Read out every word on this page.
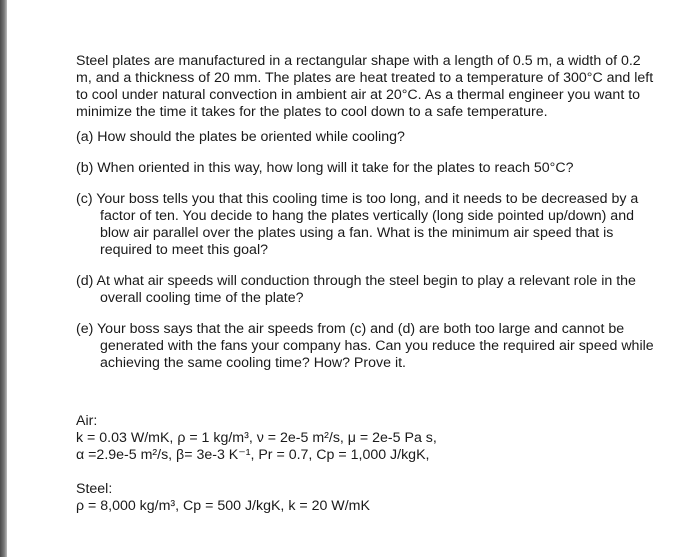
Steel plates are manufactured in a rectangular shape with a length of 0.5 m, a width of 0.2 m, and a thickness of 20 mm. The plates are heat treated to a temperature of 300°C and left to cool under natural convection in ambient air at 20°C. As a thermal engineer you want to minimize the time it takes for the plates to cool down to a safe temperature.

(a) How should the plates be oriented while cooling?

(b) When oriented in this way, how long will it take for the plates to reach 50°C?

(c) Your boss tells you that this cooling time is too long, and it needs to be decreased by a factor of ten. You decide to hang the plates vertically (long side pointed up/down) and blow air parallel over the plates using a fan. What is the minimum air speed that is required to meet this goal?

(d) At what air speeds will conduction through the steel begin to play a relevant role in the overall cooling time of the plate?

(e) Your boss says that the air speeds from (c) and (d) are both too large and cannot be generated with the fans your company has. Can you reduce the required air speed while achieving the same cooling time? How? Prove it.

Air:

k = 0.03 W/mK, ρ = 1 kg/m³, ν = 2e-5 m²/s, μ = 2e-5 Pa s,

α =2.9e-5 m²/s, β= 3e-3 K⁻¹, Pr = 0.7, Cp = 1,000 J/kgK,

Steel:

ρ = 8,000 kg/m³, Cp = 500 J/kgK, k = 20 W/mK
